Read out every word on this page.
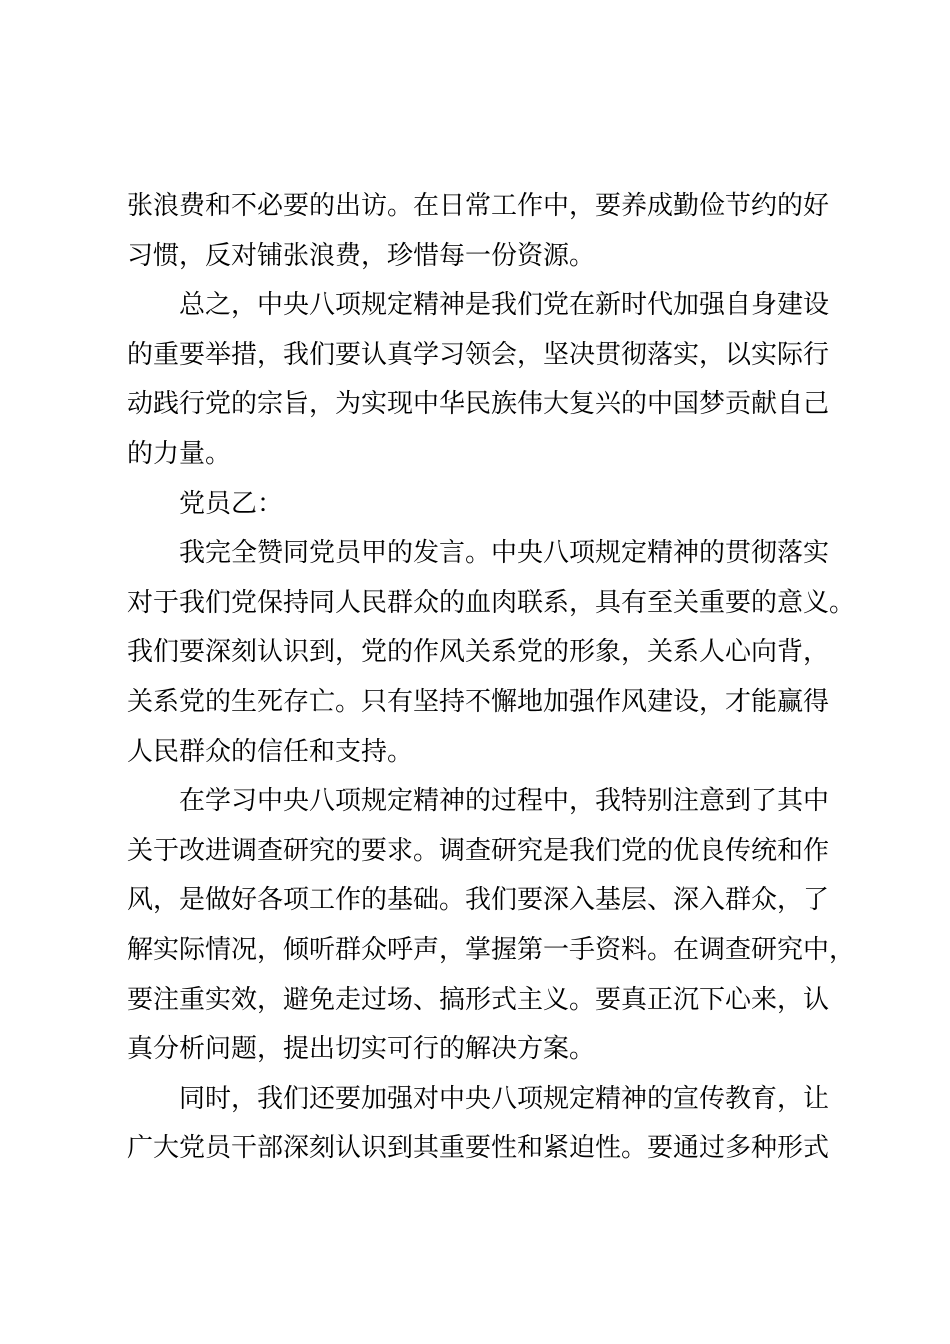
张浪费和不必要的出访。在日常工作中，要养成勤俭节约的好
习惯，反对铺张浪费，珍惜每一份资源。
总之，中央八项规定精神是我们党在新时代加强自身建设
的重要举措，我们要认真学习领会，坚决贯彻落实，以实际行
动践行党的宗旨，为实现中华民族伟大复兴的中国梦贡献自己
的力量。
党员乙：
我完全赞同党员甲的发言。中央八项规定精神的贯彻落实
对于我们党保持同人民群众的血肉联系，具有至关重要的意义。
我们要深刻认识到，党的作风关系党的形象，关系人心向背，
关系党的生死存亡。只有坚持不懈地加强作风建设，才能赢得
人民群众的信任和支持。
在学习中央八项规定精神的过程中，我特别注意到了其中
关于改进调查研究的要求。调查研究是我们党的优良传统和作
风，是做好各项工作的基础。我们要深入基层、深入群众，了
解实际情况，倾听群众呼声，掌握第一手资料。在调查研究中，
要注重实效，避免走过场、搞形式主义。要真正沉下心来，认
真分析问题，提出切实可行的解决方案。
同时，我们还要加强对中央八项规定精神的宣传教育，让
广大党员干部深刻认识到其重要性和紧迫性。要通过多种形式
